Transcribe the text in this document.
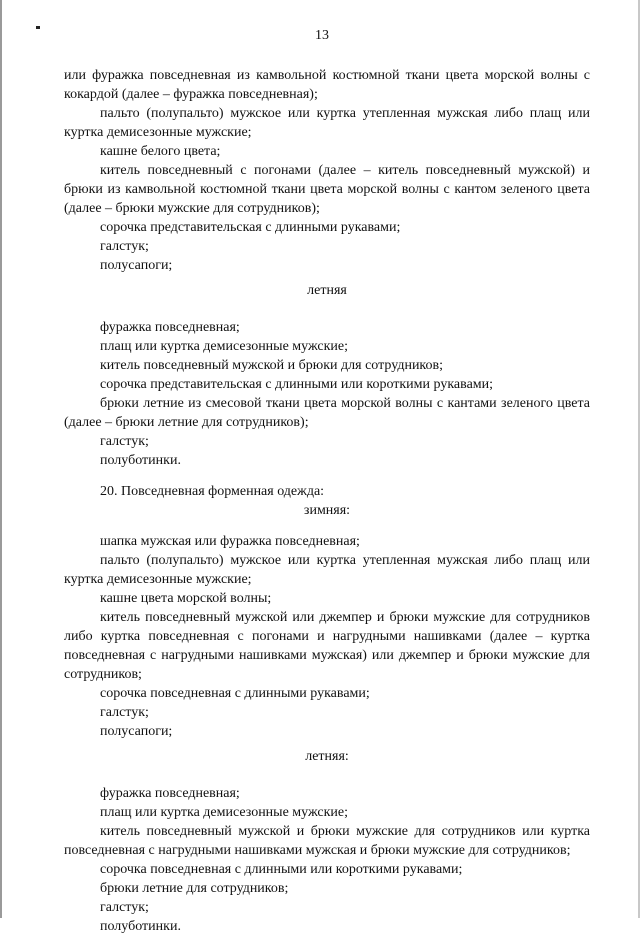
13

или фуражка повседневная из камвольной костюмной ткани цвета морской волны с кокардой (далее – фуражка повседневная);

пальто (полупальто) мужское или куртка утепленная мужская либо плащ или куртка демисезонные мужские;

кашне белого цвета;

китель повседневный с погонами (далее – китель повседневный мужской) и брюки из камвольной костюмной ткани цвета морской волны с кантом зеленого цвета (далее – брюки мужские для сотрудников);

сорочка представительская с длинными рукавами;

галстук;

полусапоги;

летняя

фуражка повседневная;

плащ или куртка демисезонные мужские;

китель повседневный мужской и брюки для сотрудников;

сорочка представительская с длинными или короткими рукавами;

брюки летние из смесовой ткани цвета морской волны с кантами зеленого цвета (далее – брюки летние для сотрудников);

галстук;

полуботинки.

20. Повседневная форменная одежда:

зимняя:

шапка мужская или фуражка повседневная;

пальто (полупальто) мужское или куртка утепленная мужская либо плащ или куртка демисезонные мужские;

кашне цвета морской волны;

китель повседневный мужской или джемпер и брюки мужские для сотрудников либо куртка повседневная с погонами и нагрудными нашивками (далее – куртка повседневная с нагрудными нашивками мужская) или джемпер и брюки мужские для сотрудников;

сорочка повседневная с длинными рукавами;

галстук;

полусапоги;

летняя:

фуражка повседневная;

плащ или куртка демисезонные мужские;

китель повседневный мужской и брюки мужские для сотрудников или куртка повседневная с нагрудными нашивками мужская и брюки мужские для сотрудников;

сорочка повседневная с длинными или короткими рукавами;

брюки летние для сотрудников;

галстук;

полуботинки.
